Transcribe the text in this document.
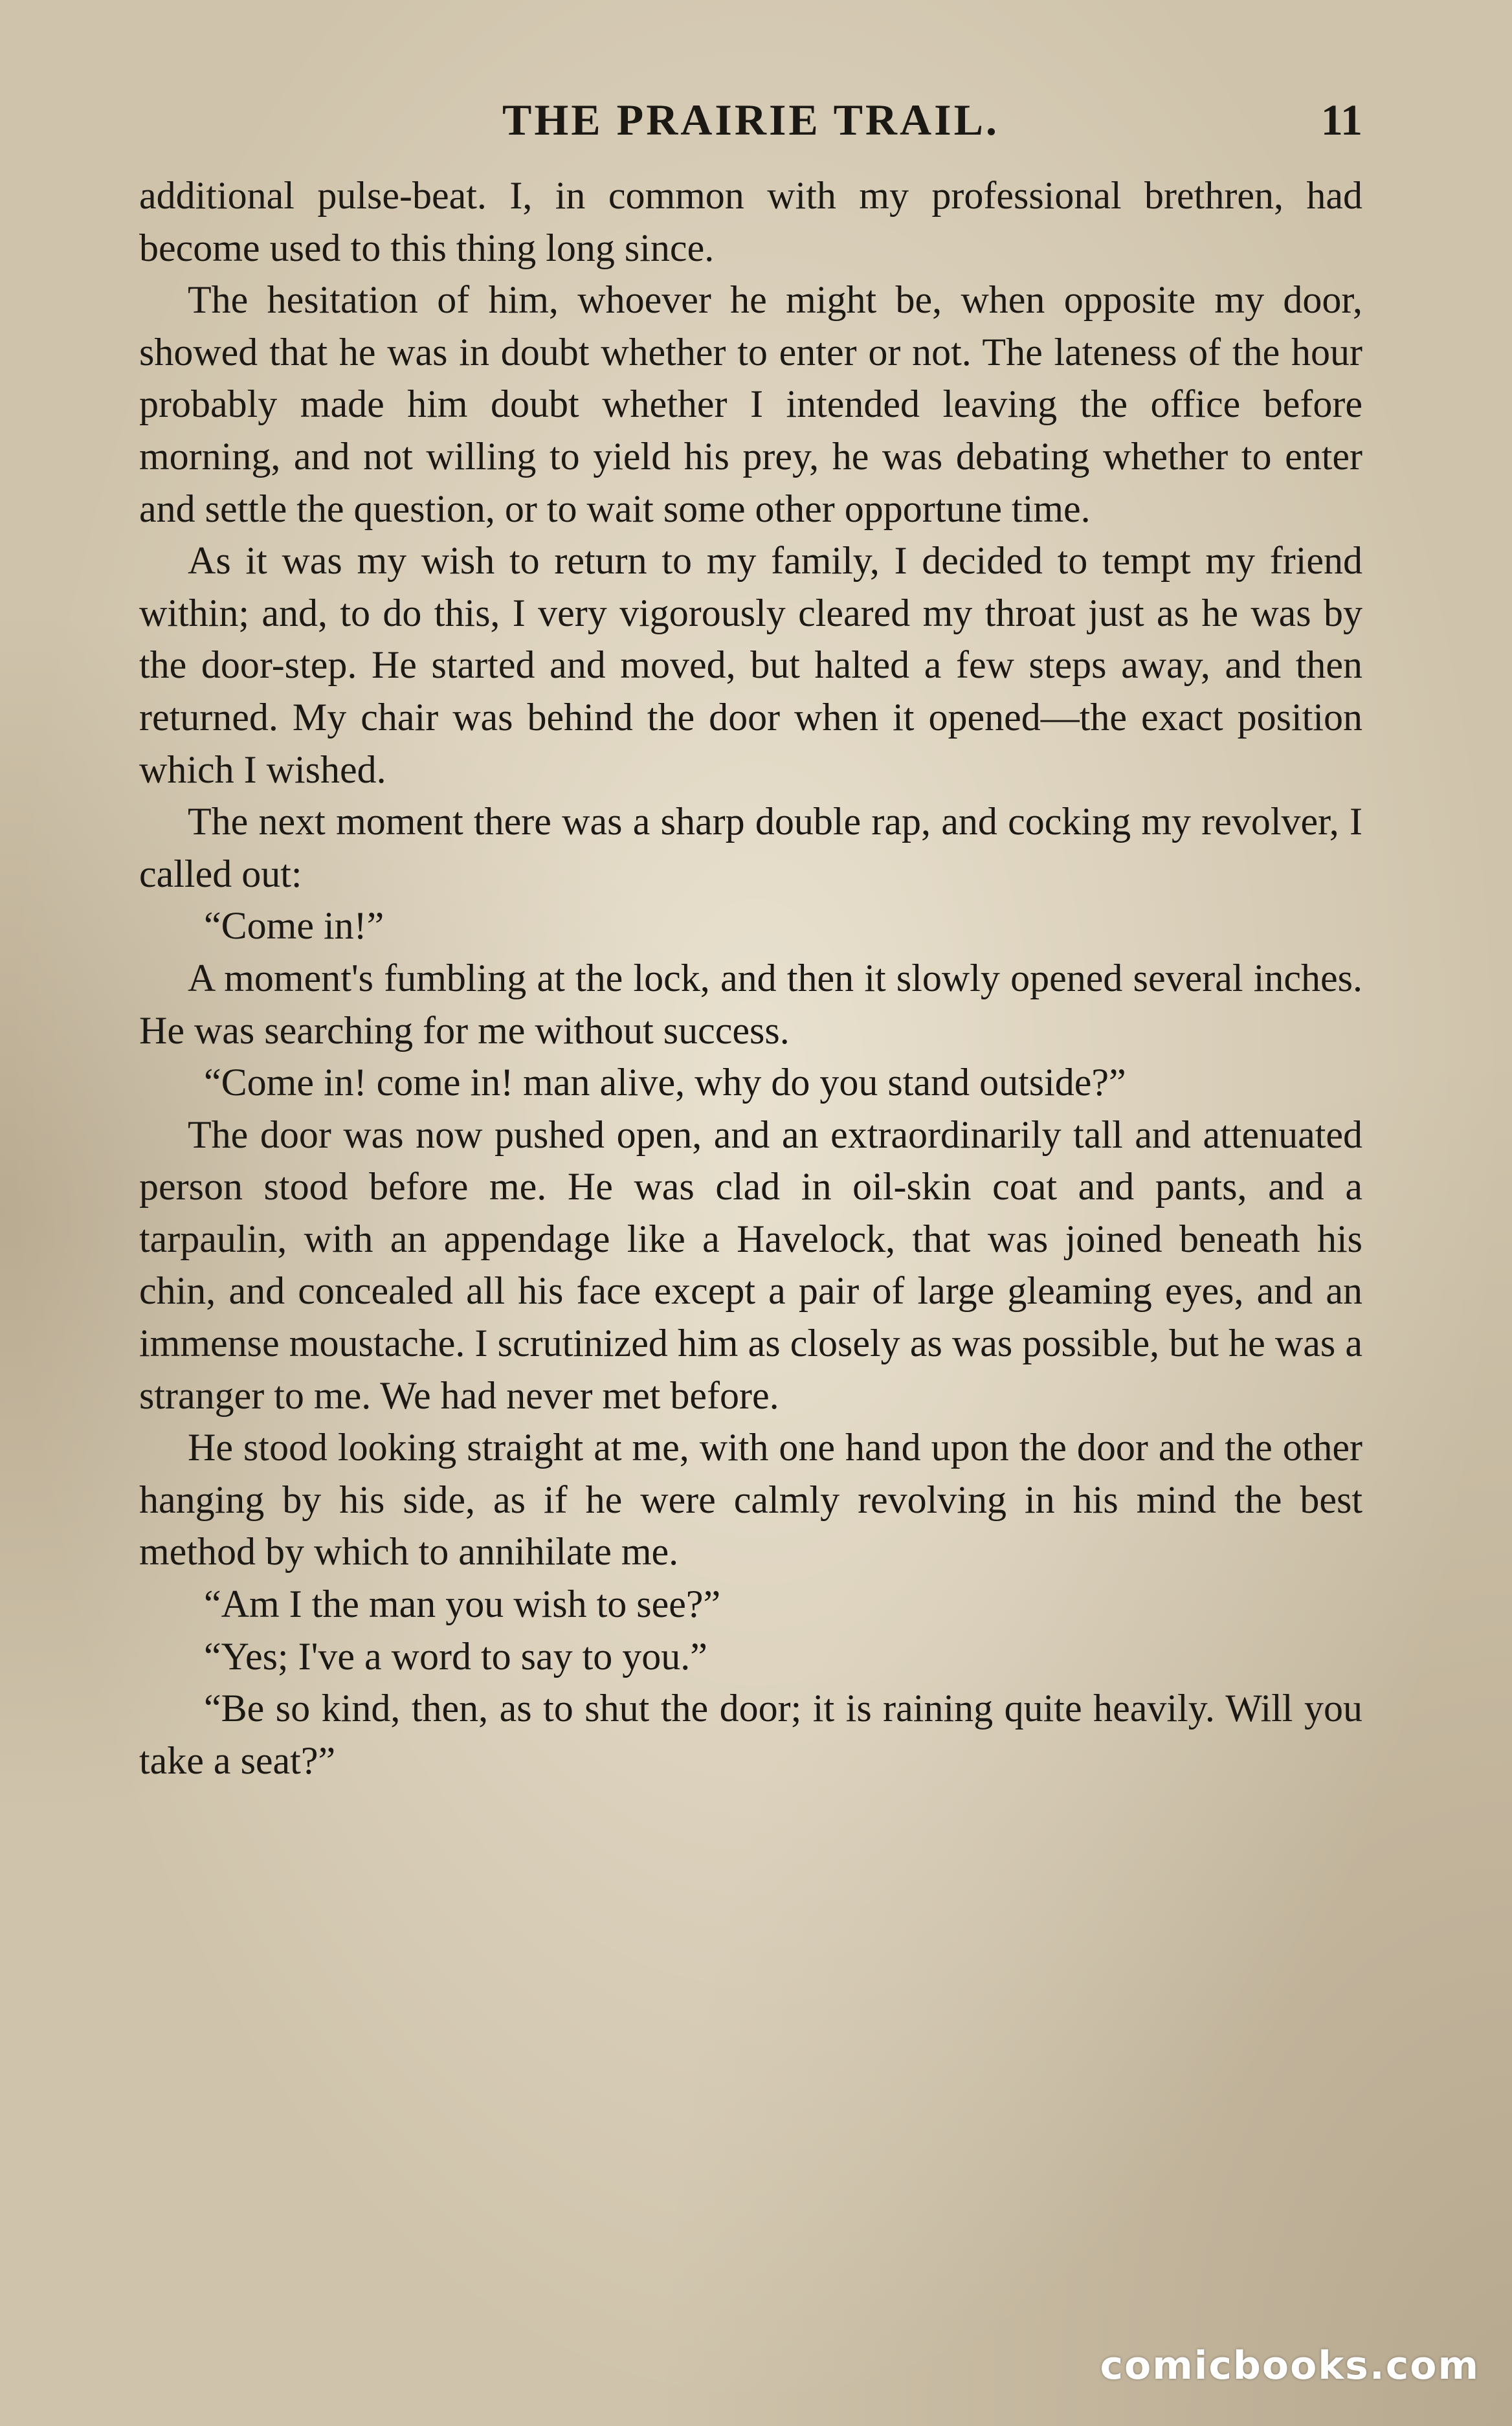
THE PRAIRIE TRAIL.	11

additional pulse-beat. I, in common with my professional brethren, had become used to this thing long since.

The hesitation of him, whoever he might be, when opposite my door, showed that he was in doubt whether to enter or not. The lateness of the hour probably made him doubt whether I intended leaving the office before morning, and not willing to yield his prey, he was debating whether to enter and settle the question, or to wait some other opportune time.

As it was my wish to return to my family, I decided to tempt my friend within; and, to do this, I very vigorously cleared my throat just as he was by the door-step. He started and moved, but halted a few steps away, and then returned. My chair was behind the door when it opened—the exact position which I wished.

The next moment there was a sharp double rap, and cocking my revolver, I called out:

“Come in!”

A moment's fumbling at the lock, and then it slowly opened several inches. He was searching for me without success.

“Come in! come in! man alive, why do you stand outside?”

The door was now pushed open, and an extraordinarily tall and attenuated person stood before me. He was clad in oil-skin coat and pants, and a tarpaulin, with an appendage like a Havelock, that was joined beneath his chin, and concealed all his face except a pair of large gleaming eyes, and an immense moustache. I scrutinized him as closely as was possible, but he was a stranger to me. We had never met before.

He stood looking straight at me, with one hand upon the door and the other hanging by his side, as if he were calmly revolving in his mind the best method by which to annihilate me.

“Am I the man you wish to see?”

“Yes; I've a word to say to you.”

“Be so kind, then, as to shut the door; it is raining quite heavily. Will you take a seat?”

comicbooks.com
